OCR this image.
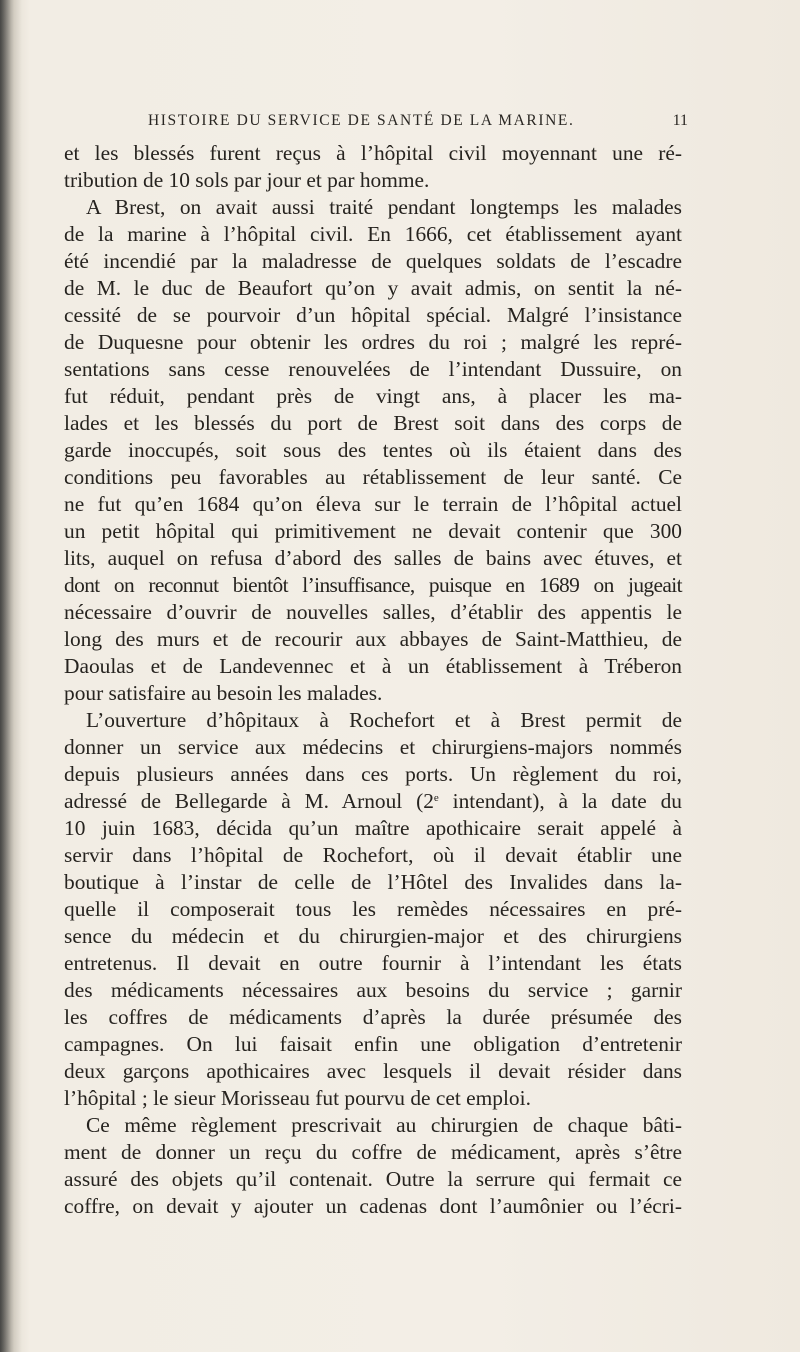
HISTOIRE DU SERVICE DE SANTÉ DE LA MARINE.	11
et les blessés furent reçus à l’hôpital civil moyennant une ré-
tribution de 10 sols par jour et par homme.
A Brest, on avait aussi traité pendant longtemps les malades
de la marine à l’hôpital civil. En 1666, cet établissement ayant
été incendié par la maladresse de quelques soldats de l’escadre
de M. le duc de Beaufort qu’on y avait admis, on sentit la né-
cessité de se pourvoir d’un hôpital spécial. Malgré l’insistance
de Duquesne pour obtenir les ordres du roi ; malgré les repré-
sentations sans cesse renouvelées de l’intendant Dussuire, on
fut réduit, pendant près de vingt ans, à placer les ma-
lades et les blessés du port de Brest soit dans des corps de
garde inoccupés, soit sous des tentes où ils étaient dans des
conditions peu favorables au rétablissement de leur santé. Ce
ne fut qu’en 1684 qu’on éleva sur le terrain de l’hôpital actuel
un petit hôpital qui primitivement ne devait contenir que 300
lits, auquel on refusa d’abord des salles de bains avec étuves, et
dont on reconnut bientôt l’insuffisance, puisque en 1689 on jugeait
nécessaire d’ouvrir de nouvelles salles, d’établir des appentis le
long des murs et de recourir aux abbayes de Saint-Matthieu, de
Daoulas et de Landevennec et à un établissement à Tréberon
pour satisfaire au besoin les malades.
L’ouverture d’hôpitaux à Rochefort et à Brest permit de
donner un service aux médecins et chirurgiens-majors nommés
depuis plusieurs années dans ces ports. Un règlement du roi,
adressé de Bellegarde à M. Arnoul (2e intendant), à la date du
10 juin 1683, décida qu’un maître apothicaire serait appelé à
servir dans l’hôpital de Rochefort, où il devait établir une
boutique à l’instar de celle de l’Hôtel des Invalides dans la-
quelle il composerait tous les remèdes nécessaires en pré-
sence du médecin et du chirurgien-major et des chirurgiens
entretenus. Il devait en outre fournir à l’intendant les états
des médicaments nécessaires aux besoins du service ; garnir
les coffres de médicaments d’après la durée présumée des
campagnes. On lui faisait enfin une obligation d’entretenir
deux garçons apothicaires avec lesquels il devait résider dans
l’hôpital ; le sieur Morisseau fut pourvu de cet emploi.
Ce même règlement prescrivait au chirurgien de chaque bâti-
ment de donner un reçu du coffre de médicament, après s’être
assuré des objets qu’il contenait. Outre la serrure qui fermait ce
coffre, on devait y ajouter un cadenas dont l’aumônier ou l’écri-
